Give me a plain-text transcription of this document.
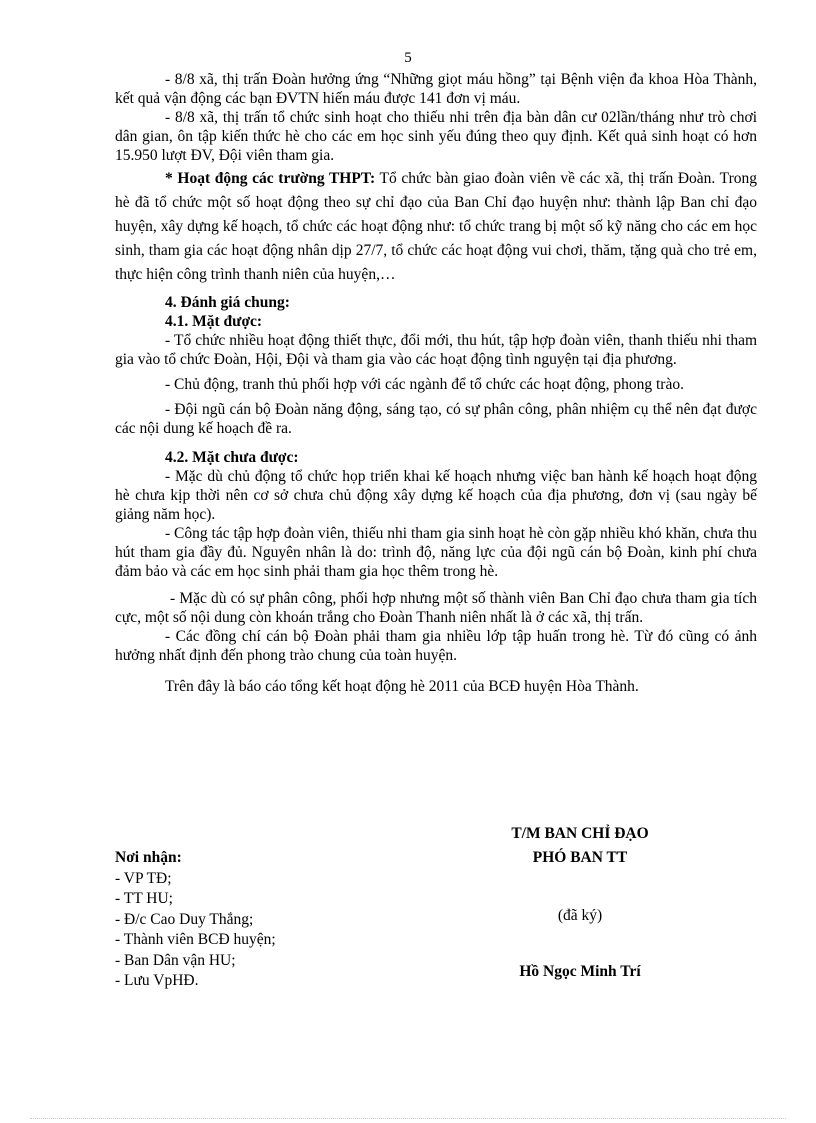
5

- 8/8 xã, thị trấn Đoàn hưởng ứng “Những giọt máu hồng” tại Bệnh viện đa khoa Hòa Thành, kết quả vận động các bạn ĐVTN hiến máu được 141 đơn vị máu.

- 8/8 xã, thị trấn tổ chức sinh hoạt cho thiếu nhi trên địa bàn dân cư 02lần/tháng như trò chơi dân gian, ôn tập kiến thức hè cho các em học sinh yếu đúng theo quy định. Kết quả sinh hoạt có hơn 15.950 lượt ĐV, Đội viên tham gia.

* Hoạt động các trường THPT: Tổ chức bàn giao đoàn viên về các xã, thị trấn Đoàn. Trong hè đã tổ chức một số hoạt động theo sự chỉ đạo của Ban Chỉ đạo huyện như: thành lập Ban chỉ đạo huyện, xây dựng kế hoạch, tổ chức các hoạt động như: tổ chức trang bị một số kỹ năng cho các em học sinh, tham gia các hoạt động nhân dịp 27/7, tổ chức các hoạt động vui chơi, thăm, tặng quà cho trẻ em, thực hiện công trình thanh niên của huyện,…

4. Đánh giá chung:

4.1. Mặt được:

- Tổ chức nhiều hoạt động thiết thực, đổi mới, thu hút, tập hợp đoàn viên, thanh thiếu nhi tham gia vào tổ chức Đoàn, Hội, Đội và tham gia vào các hoạt động tình nguyện tại địa phương.

- Chủ động, tranh thủ phối hợp với các ngành để tổ chức các hoạt động, phong trào.

- Đội ngũ cán bộ Đoàn năng động, sáng tạo, có sự phân công, phân nhiệm cụ thể nên đạt được các nội dung kế hoạch đề ra.

4.2. Mặt chưa được:

- Mặc dù chủ động tổ chức họp triển khai kế hoạch nhưng việc ban hành kế hoạch hoạt động hè chưa kịp thời nên cơ sở chưa chủ động xây dựng kế hoạch của địa phương, đơn vị (sau ngày bế giảng năm học).

- Công tác tập hợp đoàn viên, thiếu nhi tham gia sinh hoạt hè còn gặp nhiều khó khăn, chưa thu hút tham gia đầy đủ. Nguyên nhân là do: trình độ, năng lực của đội ngũ cán bộ Đoàn, kinh phí chưa đảm bảo và các em học sinh phải tham gia học thêm trong hè.

- Mặc dù có sự phân công, phối hợp nhưng một số thành viên Ban Chỉ đạo chưa tham gia tích cực, một số nội dung còn khoán trắng cho Đoàn Thanh niên nhất là ở các xã, thị trấn.

- Các đồng chí cán bộ Đoàn phải tham gia nhiều lớp tập huấn trong hè. Từ đó cũng có ảnh hưởng nhất định đến phong trào chung của toàn huyện.

Trên đây là báo cáo tổng kết hoạt động hè 2011 của BCĐ huyện Hòa Thành.

Nơi nhận:
- VP TĐ;
- TT HU;
- Đ/c Cao Duy Thắng;
- Thành viên BCĐ huyện;
- Ban Dân vận HU;
- Lưu VpHĐ.
T/M BAN CHỈ ĐẠO
PHÓ BAN TT
(đã ký)
Hồ Ngọc Minh Trí
